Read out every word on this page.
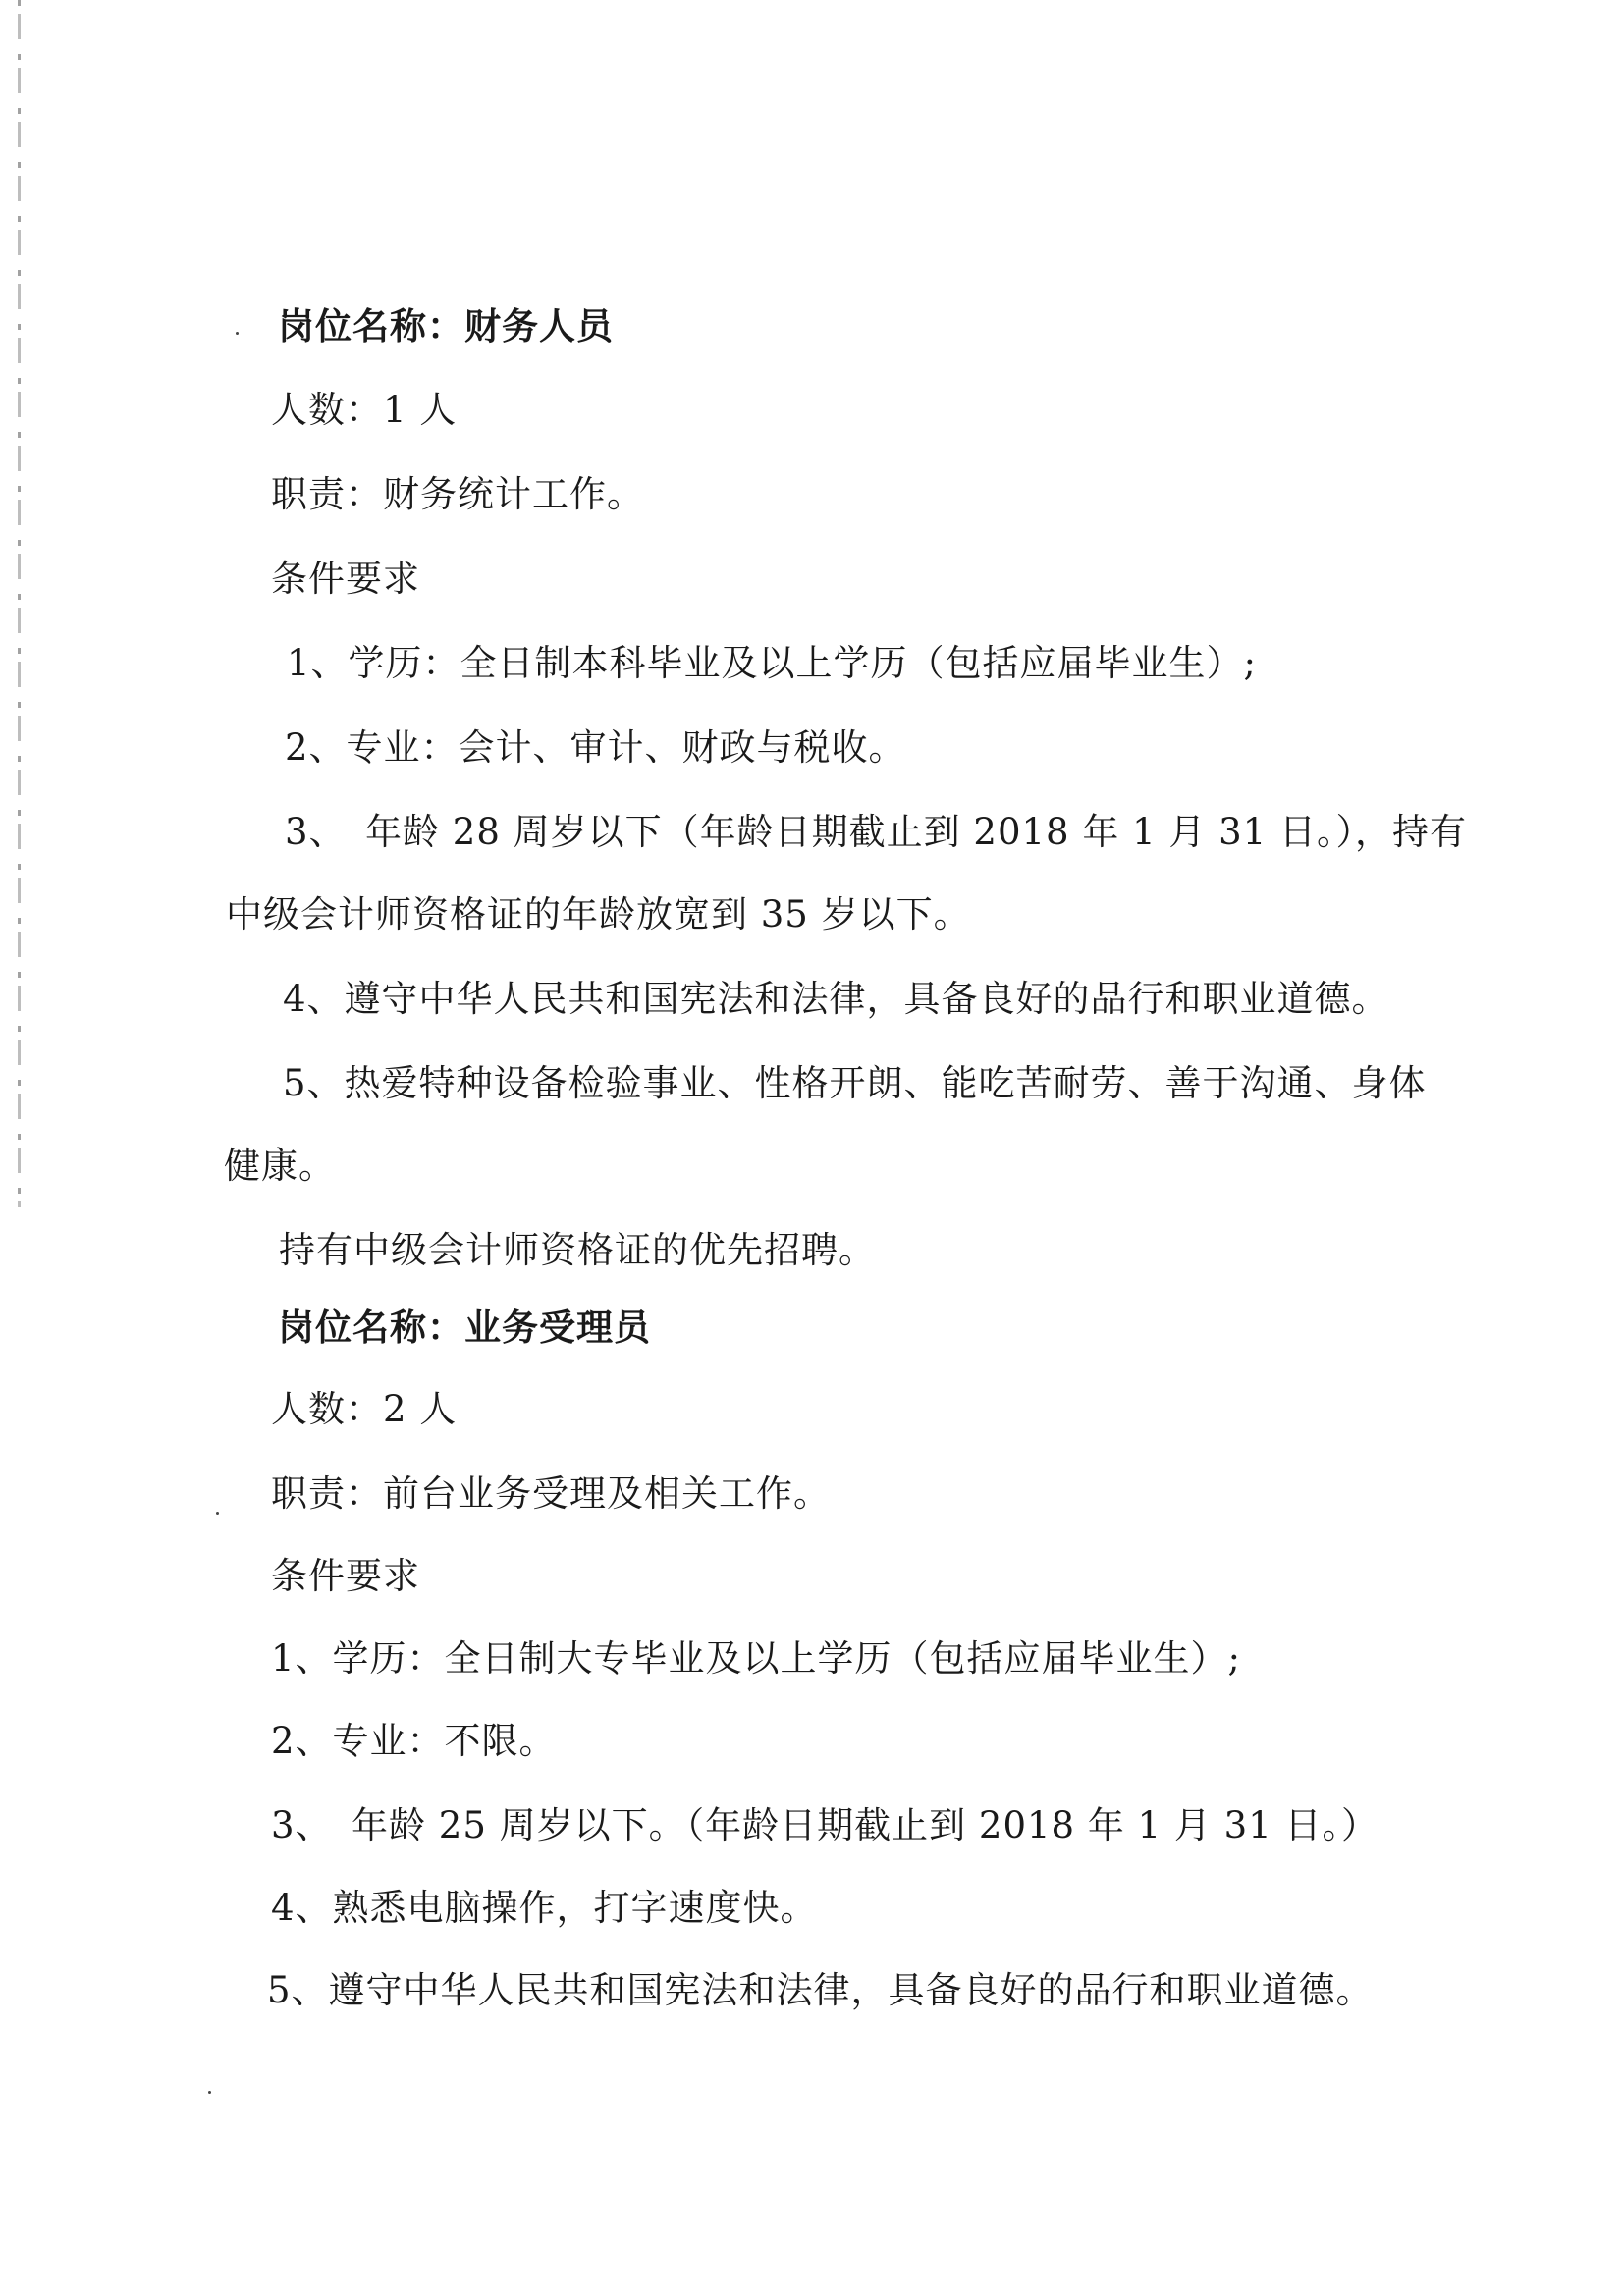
岗位名称：财务人员
人数：1 人
职责：财务统计工作。
条件要求
1、学历：全日制本科毕业及以上学历（包括应届毕业生）;
2、专业：会计、审计、财政与税收。
3、　年龄 28 周岁以下（年龄日期截止到 2018 年 1 月 31 日。），持有
中级会计师资格证的年龄放宽到 35 岁以下。
4、遵守中华人民共和国宪法和法律，具备良好的品行和职业道德。
5、热爱特种设备检验事业、性格开朗、能吃苦耐劳、善于沟通、身体
健康。
持有中级会计师资格证的优先招聘。
岗位名称：业务受理员
人数：2 人
职责：前台业务受理及相关工作。
条件要求
1、学历：全日制大专毕业及以上学历（包括应届毕业生）;
2、专业：不限。
3、　年龄 25 周岁以下。（年龄日期截止到 2018 年 1 月 31 日。）
4、熟悉电脑操作，打字速度快。
5、遵守中华人民共和国宪法和法律，具备良好的品行和职业道德。
